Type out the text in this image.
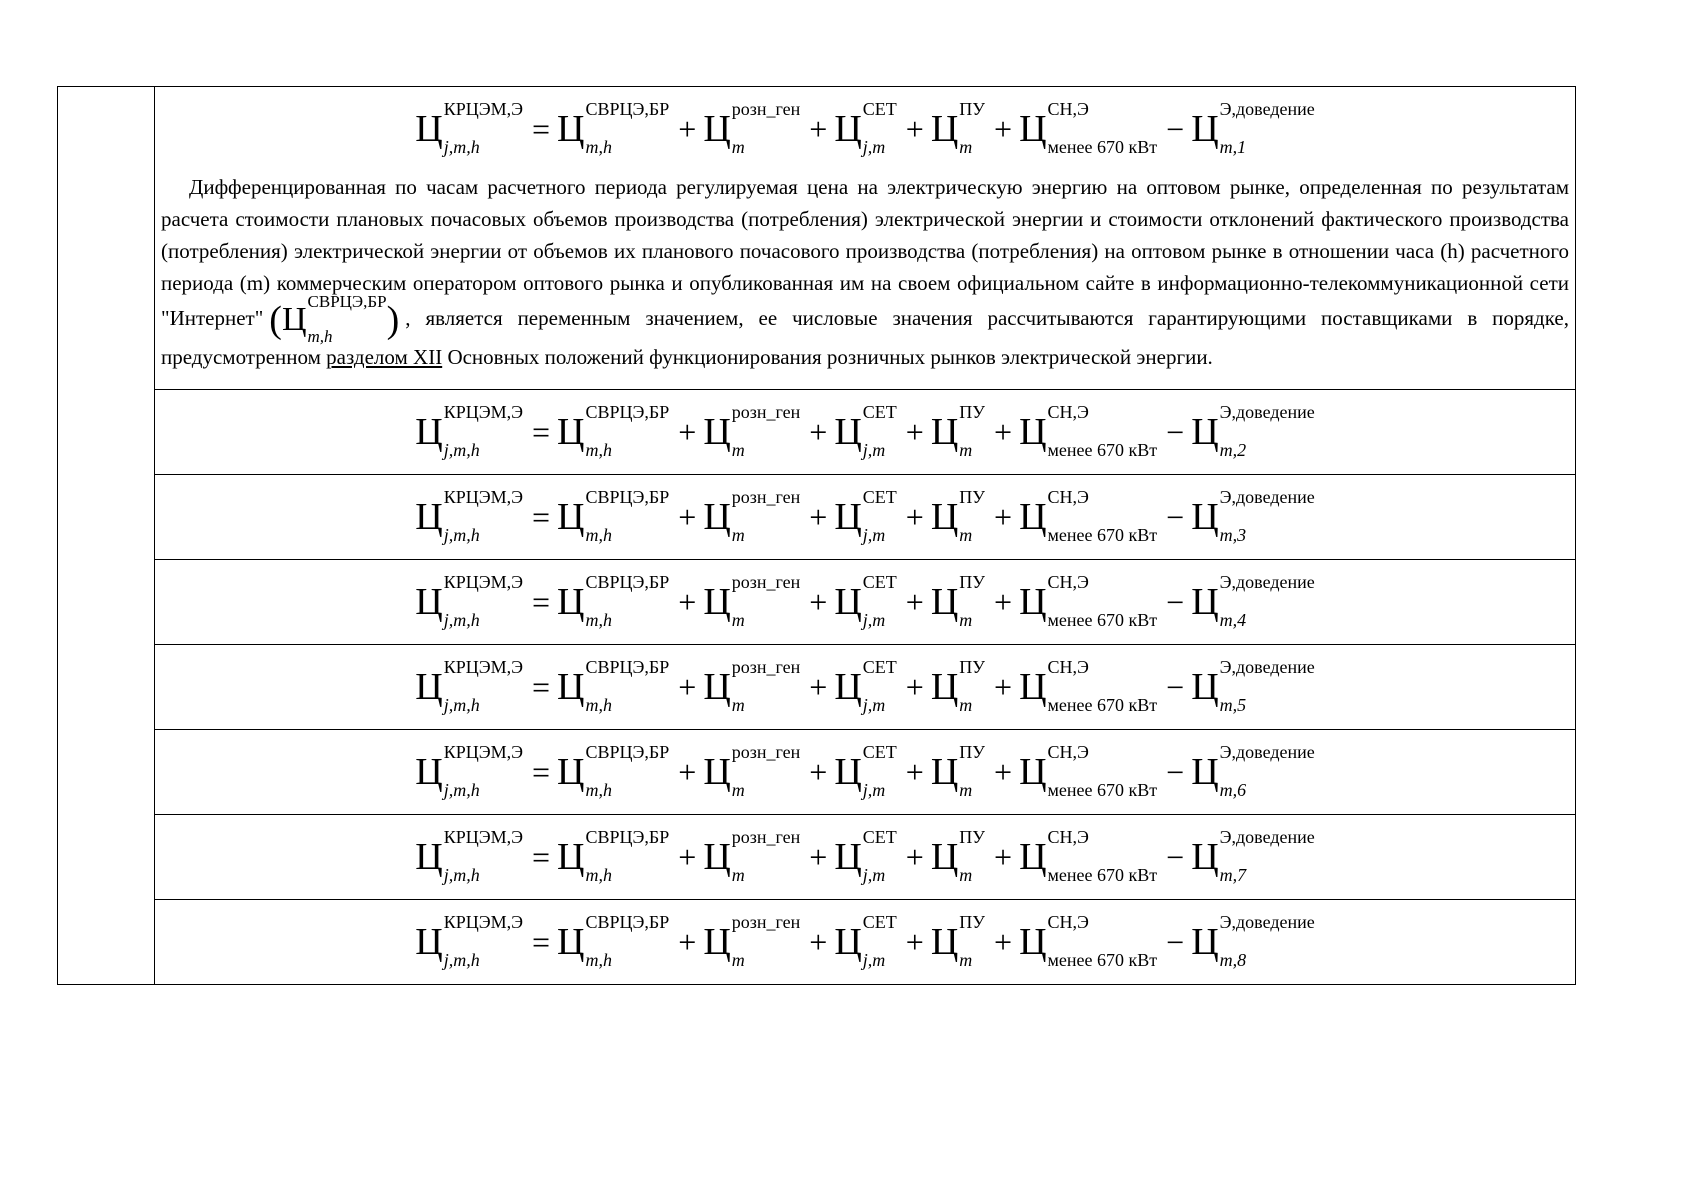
Ц КРЦЭМ,Э
j,m,h	= Ц СВРЦЭ,БР
m,h	+ Ц розн_ген
m	+ Ц СЕТ
j,m + Ц ПУ
m + Ц СН,Э
менее 670 кВт − Ц Э,доведение
m,1

Дифференцированная по часам расчетного периода регулируемая цена на электрическую энергию на оптовом рынке, определенная по результатам расчета стоимости плановых почасовых объемов производства (потребления) электрической энергии и стоимости отклонений фактического производства (потребления) электрической энергии от объемов их планового почасового производства (потребления) на оптовом рынке в отношении часа (h) расчетного периода (m) коммерческим оператором оптового рынка и опубликованная им на своем официальном сайте в информационно-телекоммуникационной сети "Интернет" ( Ц СВРЦЭ,БР
m,h	) , является переменным значением, ее числовые значения рассчитываются гарантирующими поставщиками в порядке, предусмотренном разделом XII Основных положений функционирования розничных рынков электрической энергии.

Ц КРЦЭМ,Э
j,m,h	= Ц СВРЦЭ,БР
m,h	+ Ц розн_ген
m	+ Ц СЕТ
j,m + Ц ПУ
m + Ц СН,Э
менее 670 кВт − Ц Э,доведение
m,2

Ц КРЦЭМ,Э
j,m,h	= Ц СВРЦЭ,БР
m,h	+ Ц розн_ген
m	+ Ц СЕТ
j,m + Ц ПУ
m + Ц СН,Э
менее 670 кВт − Ц Э,доведение
m,3

Ц КРЦЭМ,Э
j,m,h	= Ц СВРЦЭ,БР
m,h	+ Ц розн_ген
m	+ Ц СЕТ
j,m + Ц ПУ
m + Ц СН,Э
менее 670 кВт − Ц Э,доведение
m,4

Ц КРЦЭМ,Э
j,m,h	= Ц СВРЦЭ,БР
m,h	+ Ц розн_ген
m	+ Ц СЕТ
j,m + Ц ПУ
m + Ц СН,Э
менее 670 кВт − Ц Э,доведение
m,5

Ц КРЦЭМ,Э
j,m,h	= Ц СВРЦЭ,БР
m,h	+ Ц розн_ген
m	+ Ц СЕТ
j,m + Ц ПУ
m + Ц СН,Э
менее 670 кВт − Ц Э,доведение
m,6

Ц КРЦЭМ,Э
j,m,h	= Ц СВРЦЭ,БР
m,h	+ Ц розн_ген
m	+ Ц СЕТ
j,m + Ц ПУ
m + Ц СН,Э
менее 670 кВт − Ц Э,доведение
m,7

Ц КРЦЭМ,Э
j,m,h	= Ц СВРЦЭ,БР
m,h	+ Ц розн_ген
m	+ Ц СЕТ
j,m + Ц ПУ
m + Ц СН,Э
менее 670 кВт − Ц Э,доведение
m,8
